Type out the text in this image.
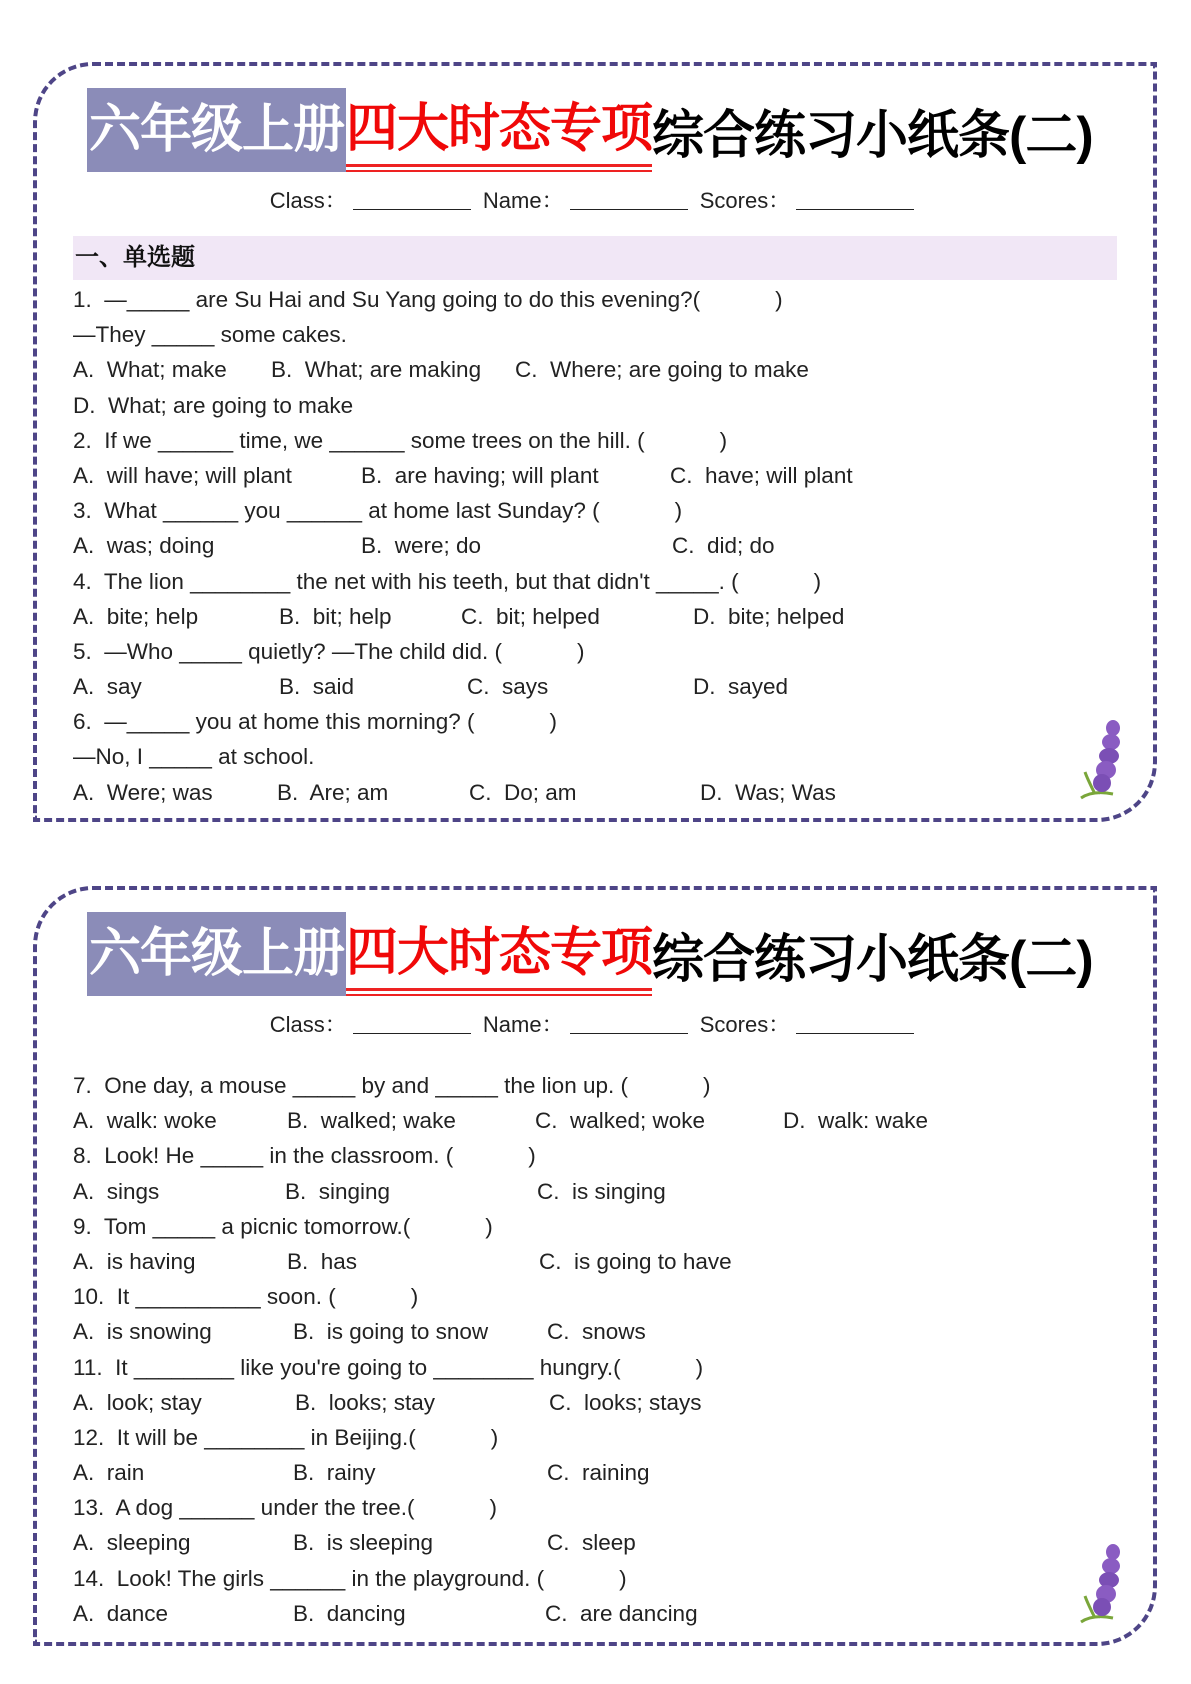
六年级上册 四大时态专项 综合练习小纸条(二)
Class：	Name：	Scores：
一、单选题
1.  —_____ are Su Hai and Su Yang going to do this evening?(            )
—They _____ some cakes.
A.  What; make B.  What; are making C.  Where; are going to make
D.  What; are going to make
2.  If we ______ time, we ______ some trees on the hill. (            )
A.  will have; will plant	B.  are having; will plant	C.  have; will plant
3.  What ______ you ______ at home last Sunday? (            )
A.  was; doing	B.  were; do	C.  did; do
4.  The lion ________ the net with his teeth, but that didn't _____. (            )
A.  bite; help	B.  bit; help	C.  bit; helped	D.  bite; helped
5.  —Who _____ quietly? —The child did. (            )
A.  say	B.  said	C.  says	D.  sayed
6.  —_____ you at home this morning? (            )
—No, I _____ at school.
A.  Were; was	B.  Are; am	C.  Do; am	D.  Was; Was
六年级上册 四大时态专项 综合练习小纸条(二)
Class：	Name：	Scores：
7.  One day, a mouse _____ by and _____ the lion up. (            )
A.  walk: woke	B.  walked; wake	C.  walked; woke	D.  walk: wake
8.  Look! He _____ in the classroom. (            )
A.  sings	B.  singing	C.  is singing
9.  Tom _____ a picnic tomorrow.(            )
A.  is having	B.  has	C.  is going to have
10.  It __________ soon. (            )
A.  is snowing	B.  is going to snow	C.  snows
11.  It ________ like you're going to ________ hungry.(            )
A.  look; stay	B.  looks; stay	C.  looks; stays
12.  It will be ________ in Beijing.(            )
A.  rain	B.  rainy	C.  raining
13.  A dog ______ under the tree.(            )
A.  sleeping	B.  is sleeping	C.  sleep
14.  Look! The girls ______ in the playground. (            )
A.  dance	B.  dancing	C.  are dancing
